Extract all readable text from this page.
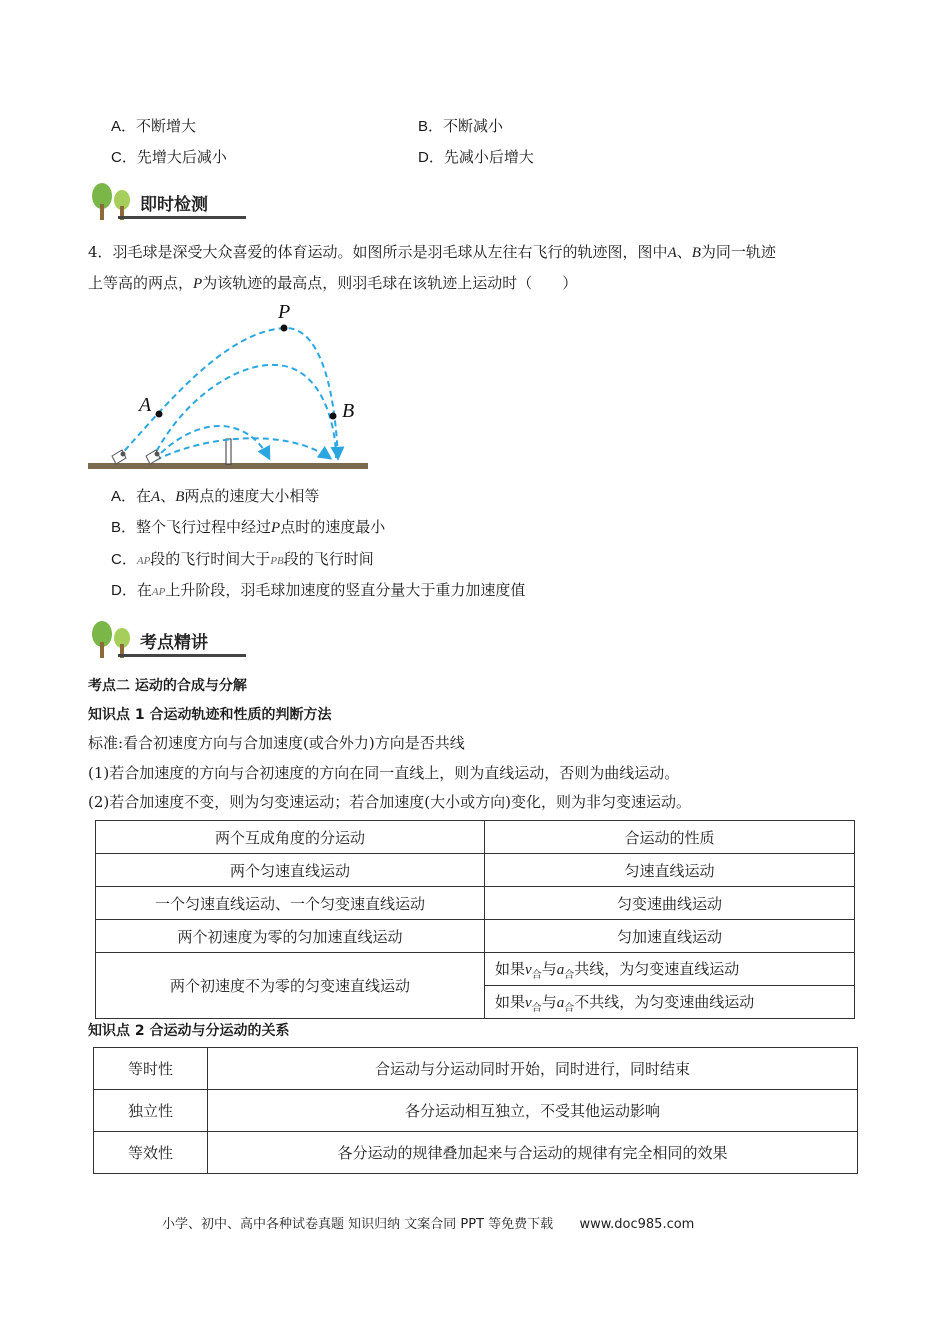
A．不断增大	B．不断减小
C．先增大后减小	D．先减小后增大
即时检测
4．羽毛球是深受大众喜爱的体育运动。如图所示是羽毛球从左往右飞行的轨迹图，图中A、B为同一轨迹
上等高的两点，P为该轨迹的最高点，则羽毛球在该轨迹上运动时（　　）
P
A	B
A．在A、B两点的速度大小相等
B．整个飞行过程中经过P点时的速度最小
C．AP段的飞行时间大于PB段的飞行时间
D．在AP上升阶段，羽毛球加速度的竖直分量大于重力加速度值
考点精讲
考点二 运动的合成与分解
知识点 1 合运动轨迹和性质的判断方法
标准:看合初速度方向与合加速度(或合外力)方向是否共线
(1)若合加速度的方向与合初速度的方向在同一直线上，则为直线运动，否则为曲线运动。
(2)若合加速度不变，则为匀变速运动；若合加速度(大小或方向)变化，则为非匀变速运动。
两个互成角度的分运动	合运动的性质
两个匀速直线运动	匀速直线运动
一个匀速直线运动、一个匀变速直线运动	匀变速曲线运动
两个初速度为零的匀加速直线运动	匀加速直线运动
两个初速度不为零的匀变速直线运动	如果$v_合$与$a_合$共线，为匀变速直线运动
	如果$v_合$与$a_合$不共线，为匀变速曲线运动
知识点 2 合运动与分运动的关系
等时性	合运动与分运动同时开始，同时进行，同时结束
独立性	各分运动相互独立，不受其他运动影响
等效性	各分运动的规律叠加起来与合运动的规律有完全相同的效果
小学、初中、高中各种试卷真题 知识归纳 文案合同 PPT 等免费下载 www.doc985.com
